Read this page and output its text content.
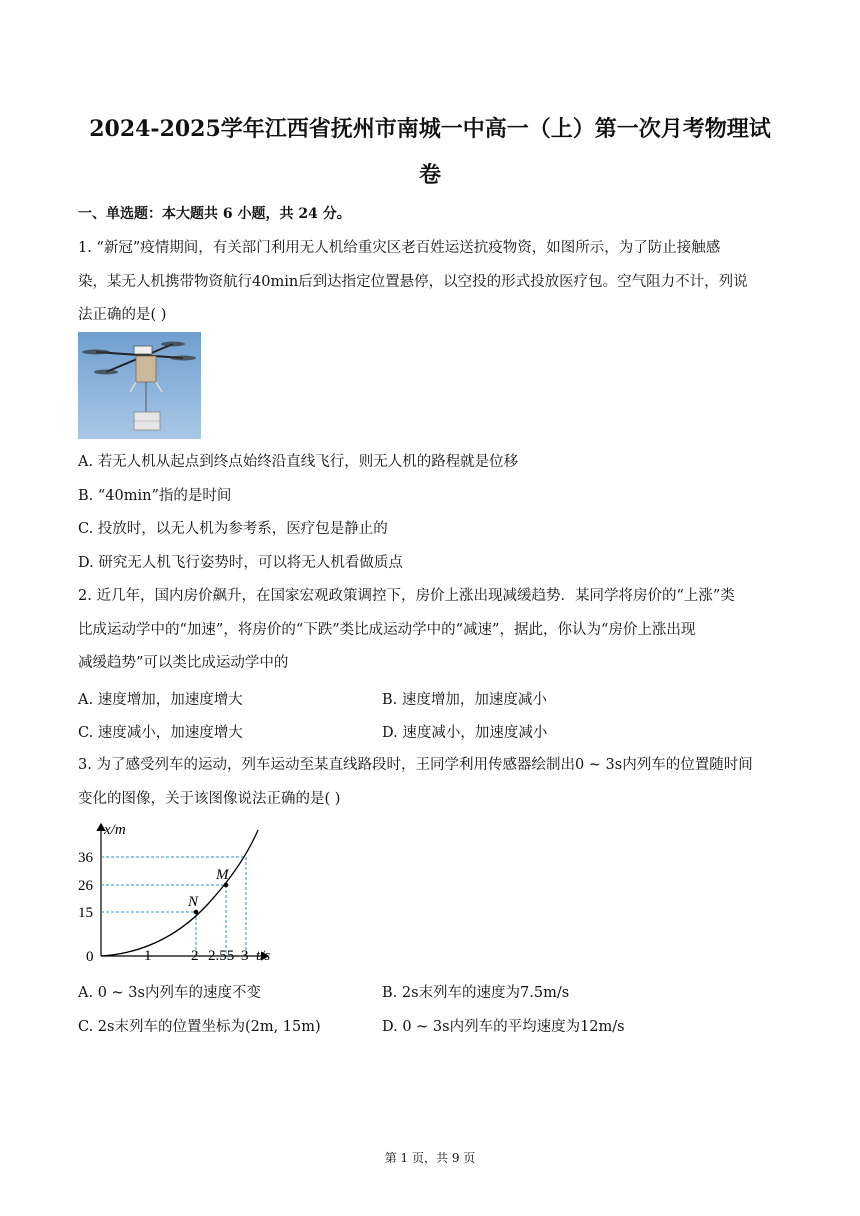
2024-2025学年江西省抚州市南城一中高一（上）第一次月考物理试
卷
一、单选题：本大题共 6 小题，共 24 分。
1. “新冠”疫情期间，有关部门利用无人机给重灾区老百姓运送抗疫物资，如图所示，为了防止接触感
染，某无人机携带物资航行40min后到达指定位置悬停，以空投的形式投放医疗包。空气阻力不计，列说
法正确的是( )
A. 若无人机从起点到终点始终沿直线飞行，则无人机的路程就是位移
B. “40min”指的是时间
C. 投放时，以无人机为参考系，医疗包是静止的
D. 研究无人机飞行姿势时，可以将无人机看做质点
2. 近几年，国内房价飙升，在国家宏观政策调控下，房价上涨出现减缓趋势．某同学将房价的“上涨”类
比成运动学中的“加速”，将房价的“下跌”类比成运动学中的“减速”，据此，你认为“房价上涨出现
减缓趋势”可以类比成运动学中的
A. 速度增加，加速度增大	B. 速度增加，加速度减小
C. 速度减小，加速度增大	D. 速度减小，加速度减小
3. 为了感受列车的运动，列车运动至某直线路段时，王同学利用传感器绘制出0 ~ 3s内列车的位置随时间
变化的图像，关于该图像说法正确的是( )
x/m
t/s
0
15
26
36
1	2 2.55 3
N
M
A. 0 ~ 3s内列车的速度不变	B. 2s末列车的速度为7.5m/s
C. 2s末列车的位置坐标为(2m, 15m)	D. 0 ~ 3s内列车的平均速度为12m/s
第 1 页，共 9 页
